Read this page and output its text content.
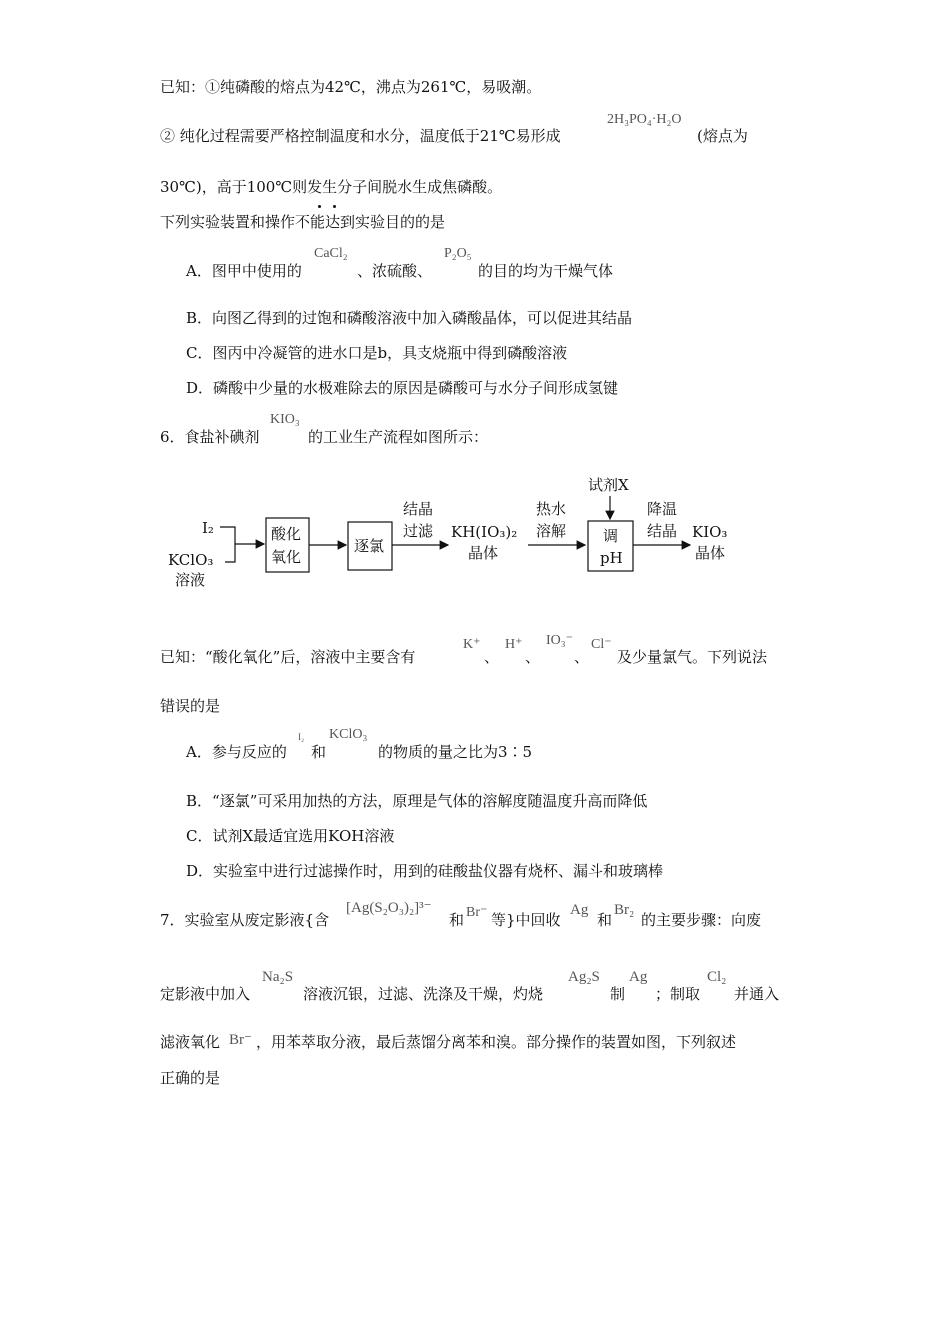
已知：①纯磷酸的熔点为42℃，沸点为261℃，易吸潮。
② 纯化过程需要严格控制温度和水分，温度低于21℃易形成
2H₃PO₄·H₂O
(熔点为
30℃)，高于100℃则发生分子间脱水生成焦磷酸。
下列实验装置和操作不能达到实验目的的是
A．图甲中使用的
CaCl₂
、浓硫酸、
P₂O₅
的目的均为干燥气体
B．向图乙得到的过饱和磷酸溶液中加入磷酸晶体，可以促进其结晶
C．图丙中冷凝管的进水口是b，具支烧瓶中得到磷酸溶液
D．磷酸中少量的水极难除去的原因是磷酸可与水分子间形成氢键
6．食盐补碘剂
KIO₃
的工业生产流程如图所示：
I₂
KClO₃
溶液
酸化
氧化
逐氯
结晶
过滤 KH(IO₃)₂
晶体
热水
溶解
试剂X
调
pH
降温
结晶 KIO₃
晶体
已知：“酸化氧化”后，溶液中主要含有
K⁺
、
H⁺
、
IO₃⁻
、
Cl⁻
及少量氯气。下列说法
错误的是
A．参与反应的
I₂
和
KClO₃
的物质的量之比为3∶5
B．“逐氯”可采用加热的方法，原理是气体的溶解度随温度升高而降低
C．试剂X最适宜选用KOH溶液
D．实验室中进行过滤操作时，用到的硅酸盐仪器有烧杯、漏斗和玻璃棒
7．实验室从废定影液{含
[Ag(S₂O₃)₂]³⁻
和 Br⁻ 等}中回收
Ag
和
Br₂
的主要步骤：向废
定影液中加入
Na₂S
溶液沉银，过滤、洗涤及干燥，灼烧
Ag₂S
制
Ag
；制取
Cl₂
并通入
滤液氧化 Br⁻ ，用苯萃取分液，最后蒸馏分离苯和溴。部分操作的装置如图，下列叙述
正确的是
